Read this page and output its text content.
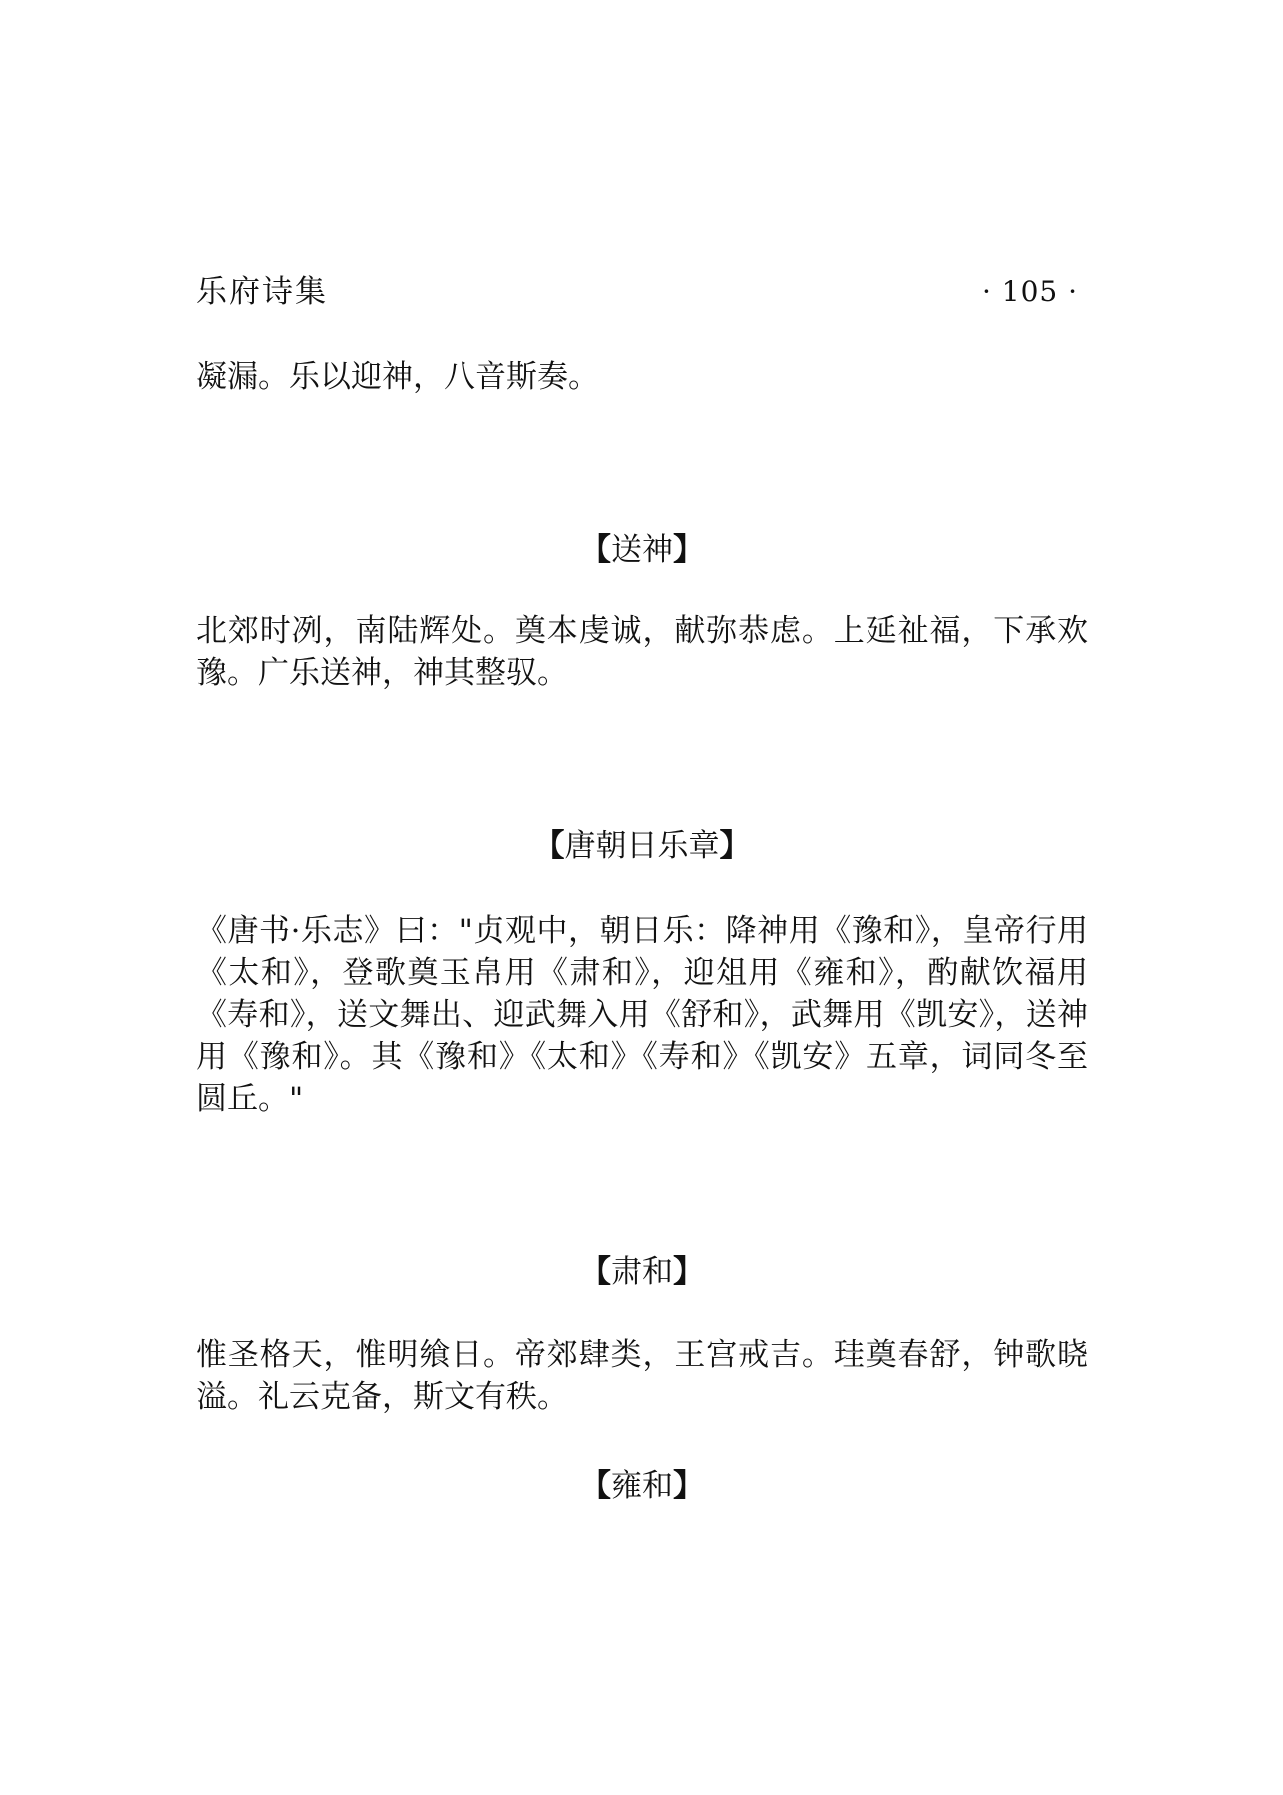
乐府诗集	· 105 ·

凝漏。乐以迎神，八音斯奏。

【送神】

北郊时冽，南陆辉处。奠本虔诚，献弥恭虑。上延祉福，下承欢豫。广乐送神，神其整驭。

【唐朝日乐章】

《唐书·乐志》曰："贞观中，朝日乐：降神用《豫和》，皇帝行用《太和》，登歌奠玉帛用《肃和》，迎俎用《雍和》，酌献饮福用《寿和》，送文舞出、迎武舞入用《舒和》，武舞用《凯安》，送神用《豫和》。其《豫和》《太和》《寿和》《凯安》五章，词同冬至圆丘。"

【肃和】

惟圣格天，惟明飨日。帝郊肆类，王宫戒吉。珪奠春舒，钟歌晓溢。礼云克备，斯文有秩。

【雍和】
